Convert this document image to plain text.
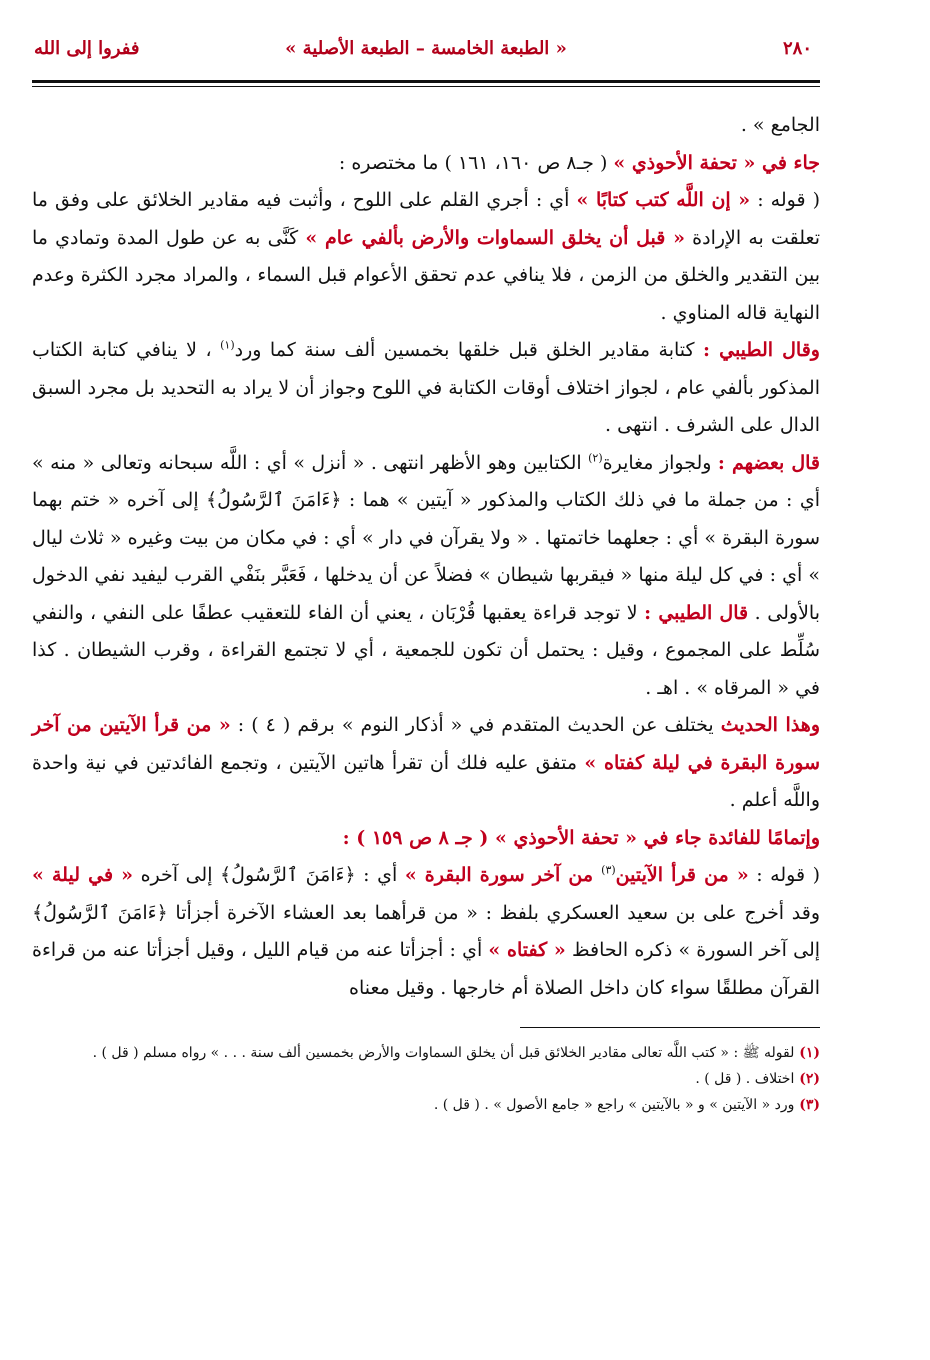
٢٨٠
« الطبعة الخامسة – الطبعة الأصلية »
ففروا إلى الله

الجامع » .

جاء في « تحفة الأحوذي » ( جـ٨ ص ١٦٠، ١٦١ ) ما مختصره :

( قوله : « إن اللَّه كتب كتابًا » أي : أجري القلم على اللوح ، وأثبت فيه مقادير الخلائق على وفق ما تعلقت به الإرادة « قبل أن يخلق السماوات والأرض بألفي عام » كَنَّى به عن طول المدة وتمادي ما بين التقدير والخلق من الزمن ، فلا ينافي عدم تحقق الأعوام قبل السماء ، والمراد مجرد الكثرة وعدم النهاية قاله المناوي .

وقال الطيبي : كتابة مقادير الخلق قبل خلقها بخمسين ألف سنة كما ورد$^{(١)}$ ، لا ينافي كتابة الكتاب المذكور بألفي عام ، لجواز اختلاف أوقات الكتابة في اللوح وجواز أن لا يراد به التحديد بل مجرد السبق الدال على الشرف . انتهى .

قال بعضهم : ولجواز مغايرة$^{(٢)}$ الكتابين وهو الأظهر انتهى . « أنزل » أي : اللَّه سبحانه وتعالى « منه » أي : من جملة ما في ذلك الكتاب والمذكور « آيتين » هما : ﴿ءَامَنَ ٱلرَّسُولُ﴾ إلى آخره « ختم بهما سورة البقرة » أي : جعلهما خاتمتها . « ولا يقرآن في دار » أي : في مكان من بيت وغيره « ثلاث ليال » أي : في كل ليلة منها « فيقربها شيطان » فضلاً عن أن يدخلها ، فَعَبَّر بنَفْي القرب ليفيد نفي الدخول بالأولى . قال الطيبي : لا توجد قراءة يعقبها قُرْبَان ، يعني أن الفاء للتعقيب عطفًا على النفي ، والنفي سُلِّط على المجموع ، وقيل : يحتمل أن تكون للجمعية ، أي لا تجتمع القراءة ، وقرب الشيطان . كذا في « المرقاه » . اهـ .

وهذا الحديث يختلف عن الحديث المتقدم في « أذكار النوم » برقم ( ٤ ) : « من قرأ الآيتين من آخر سورة البقرة في ليلة كفتاه » متفق عليه فلك أن تقرأ هاتين الآيتين ، وتجمع الفائدتين في نية واحدة واللَّه أعلم .

وإتمامًا للفائدة جاء في « تحفة الأحوذي » ( جـ ٨ ص ١٥٩ ) :

( قوله : « من قرأ الآيتين$^{(٣)}$ من آخر سورة البقرة » أي : ﴿ءَامَنَ ٱلرَّسُولُ﴾ إلى آخره « في ليلة » وقد أخرج على بن سعيد العسكري بلفظ : « من قرأهما بعد العشاء الآخرة أجزأتا ﴿ءَامَنَ ٱلرَّسُولُ﴾ إلى آخر السورة » ذكره الحافظ « كفتاه » أي : أجزأتا عنه من قيام الليل ، وقيل أجزأتا عنه من قراءة القرآن مطلقًا سواء كان داخل الصلاة أم خارجها . وقيل معناه

(١) لقوله ﷺ : « كتب اللَّه تعالى مقادير الخلائق قبل أن يخلق السماوات والأرض بخمسين ألف سنة . . . » رواه مسلم ( قل ) .

(٢) اختلاف . ( قل ) .

(٣) ورد « الآيتين » و « بالآيتين » راجع « جامع الأصول » . ( قل ) .
